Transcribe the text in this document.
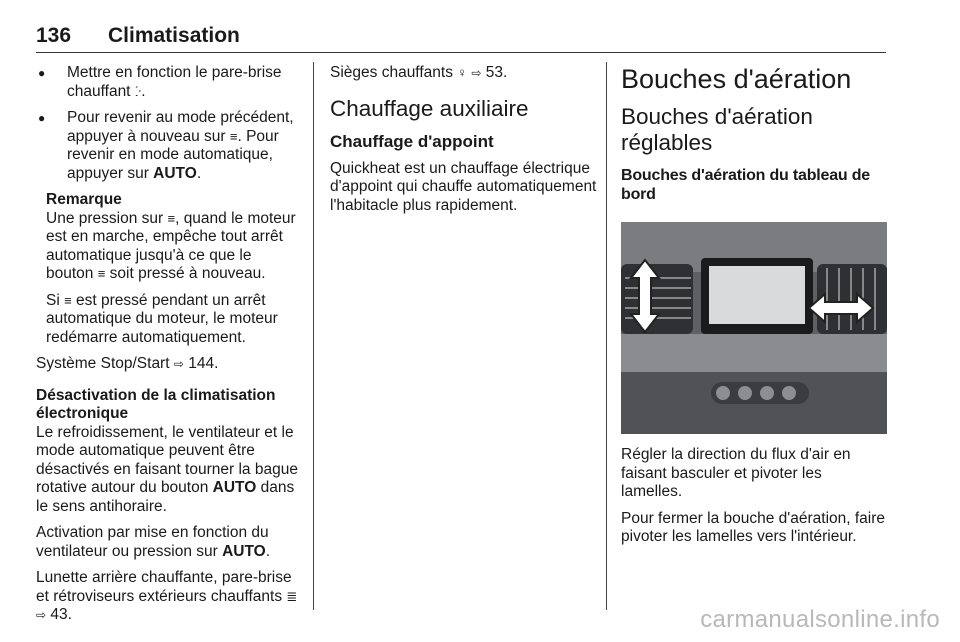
136 Climatisation
● Mettre en fonction le pare-brise chauffant ⴾ.
● Pour revenir au mode précédent, appuyer à nouveau sur ≡. Pour revenir en mode automatique, appuyer sur AUTO.

Remarque

Une pression sur ≡, quand le moteur est en marche, empêche tout arrêt automatique jusqu'à ce que le bouton ≡ soit pressé à nouveau.

Si ≡ est pressé pendant un arrêt automatique du moteur, le moteur redémarre automatiquement.

Système Stop/Start ⇨ 144.

Désactivation de la climatisation électronique

Le refroidissement, le ventilateur et le mode automatique peuvent être désactivés en faisant tourner la bague rotative autour du bouton AUTO dans le sens antihoraire.

Activation par mise en fonction du ventilateur ou pression sur AUTO.

Lunette arrière chauffante, pare-brise et rétroviseurs extérieurs chauffants ≣ ⇨ 43.

Sièges chauffants ♀ ⇨ 53.

Chauffage auxiliaire
Chauffage d'appoint

Quickheat est un chauffage électrique d'appoint qui chauffe automatiquement l'habitacle plus rapidement.

Bouches d'aération
Bouches d'aération réglables
Bouches d'aération du tableau de bord

Régler la direction du flux d'air en faisant basculer et pivoter les lamelles.

Pour fermer la bouche d'aération, faire pivoter les lamelles vers l'intérieur.

carmanualsonline.info
